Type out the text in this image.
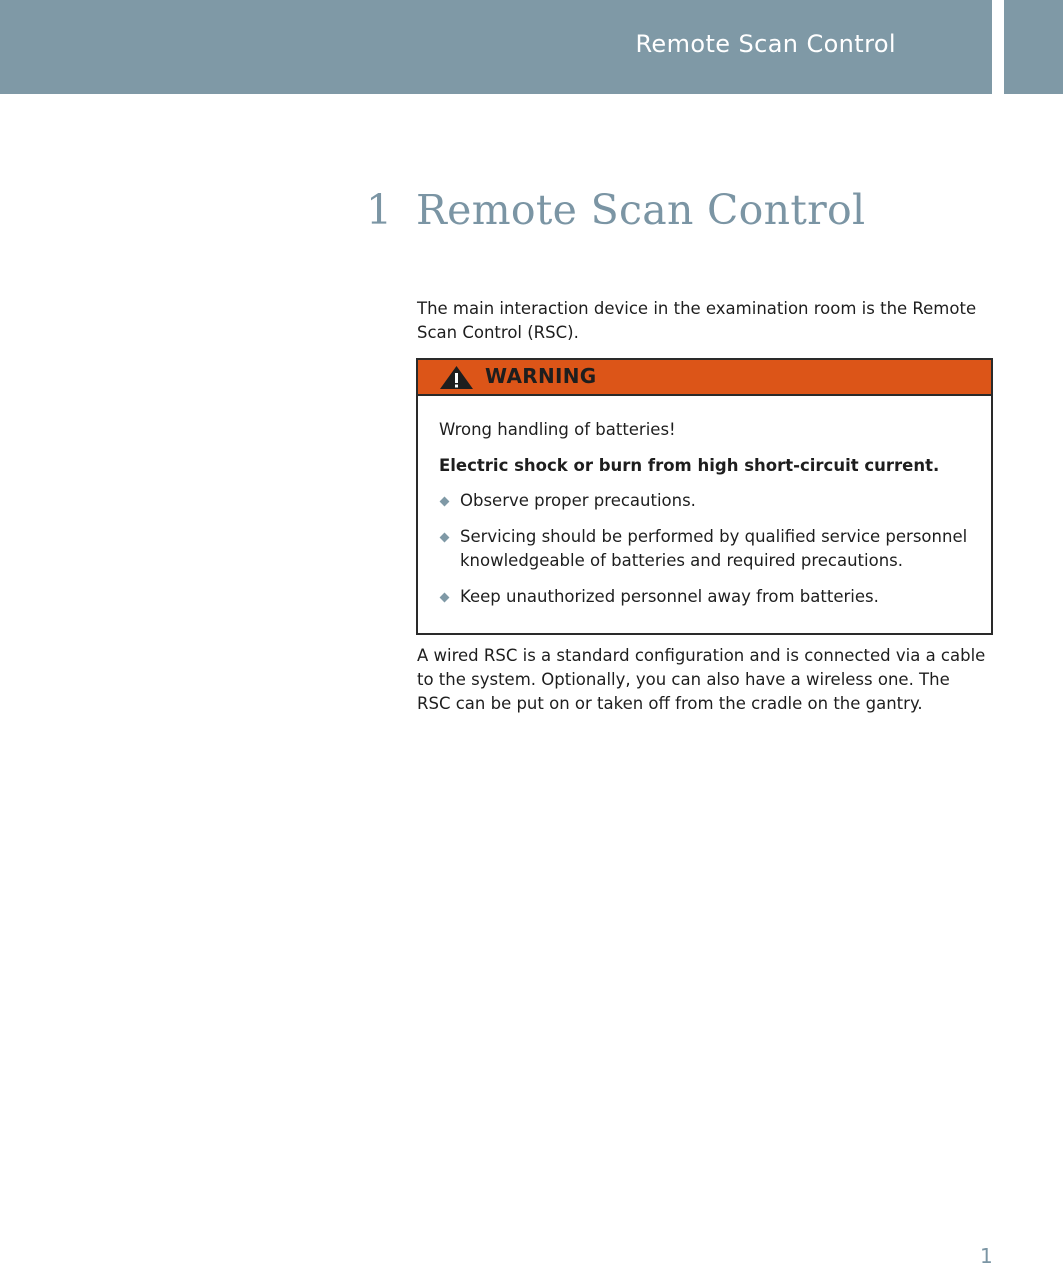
Remote Scan Control
1 Remote Scan Control

The main interaction device in the examination room is the Remote Scan Control (RSC).

WARNING

Wrong handling of batteries!

Electric shock or burn from high short-circuit current.

Observe proper precautions.
Servicing should be performed by qualified service personnel knowledgeable of batteries and required precautions.
Keep unauthorized personnel away from batteries.

A wired RSC is a standard configuration and is connected via a cable to the system. Optionally, you can also have a wireless one. The RSC can be put on or taken off from the cradle on the gantry.

1
